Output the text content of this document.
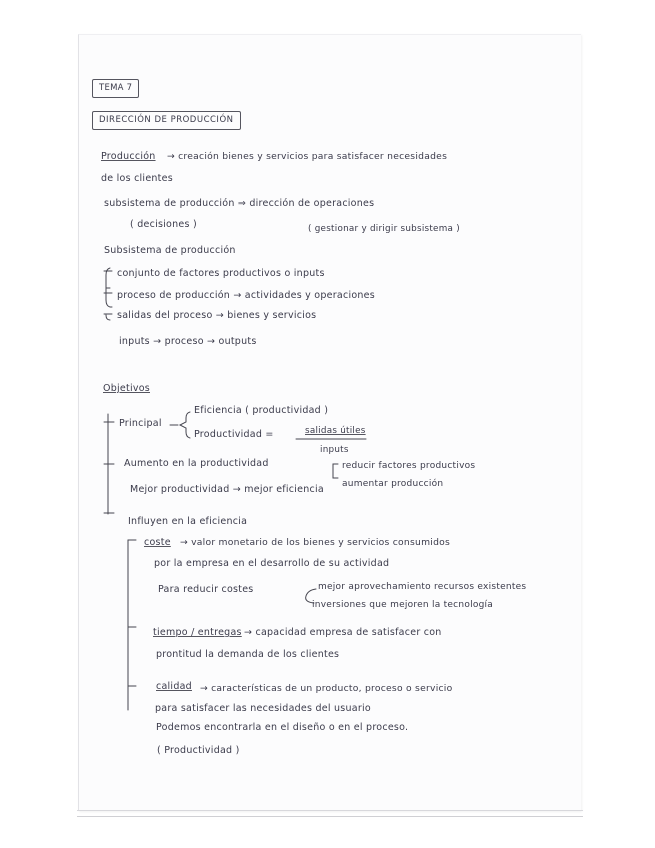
TEMA 7
DIRECCIÓN DE PRODUCCIÓN
Producción → creación bienes y servicios para satisfacer necesidades
de los clientes
subsistema de producción ⇒ dirección de operaciones
( decisiones )	( gestionar y dirigir subsistema )
Subsistema de producción
conjunto de factores productivos o inputs
proceso de producción → actividades y operaciones
salidas del proceso → bienes y servicios
inputs → proceso → outputs
Objetivos
Principal
Eficiencia ( productividad )
Productividad =	salidas útiles
inputs
Aumento en la productividad	reducir factores productivos
aumentar producción
Mejor productividad → mejor eficiencia
Influyen en la eficiencia
coste → valor monetario de los bienes y servicios consumidos
por la empresa en el desarrollo de su actividad
Para reducir costes	mejor aprovechamiento recursos existentes
inversiones que mejoren la tecnología
tiempo / entregas → capacidad empresa de satisfacer con
prontitud la demanda de los clientes
calidad → características de un producto, proceso o servicio
para satisfacer las necesidades del usuario
Podemos encontrarla en el diseño o en el proceso.
( Productividad )
